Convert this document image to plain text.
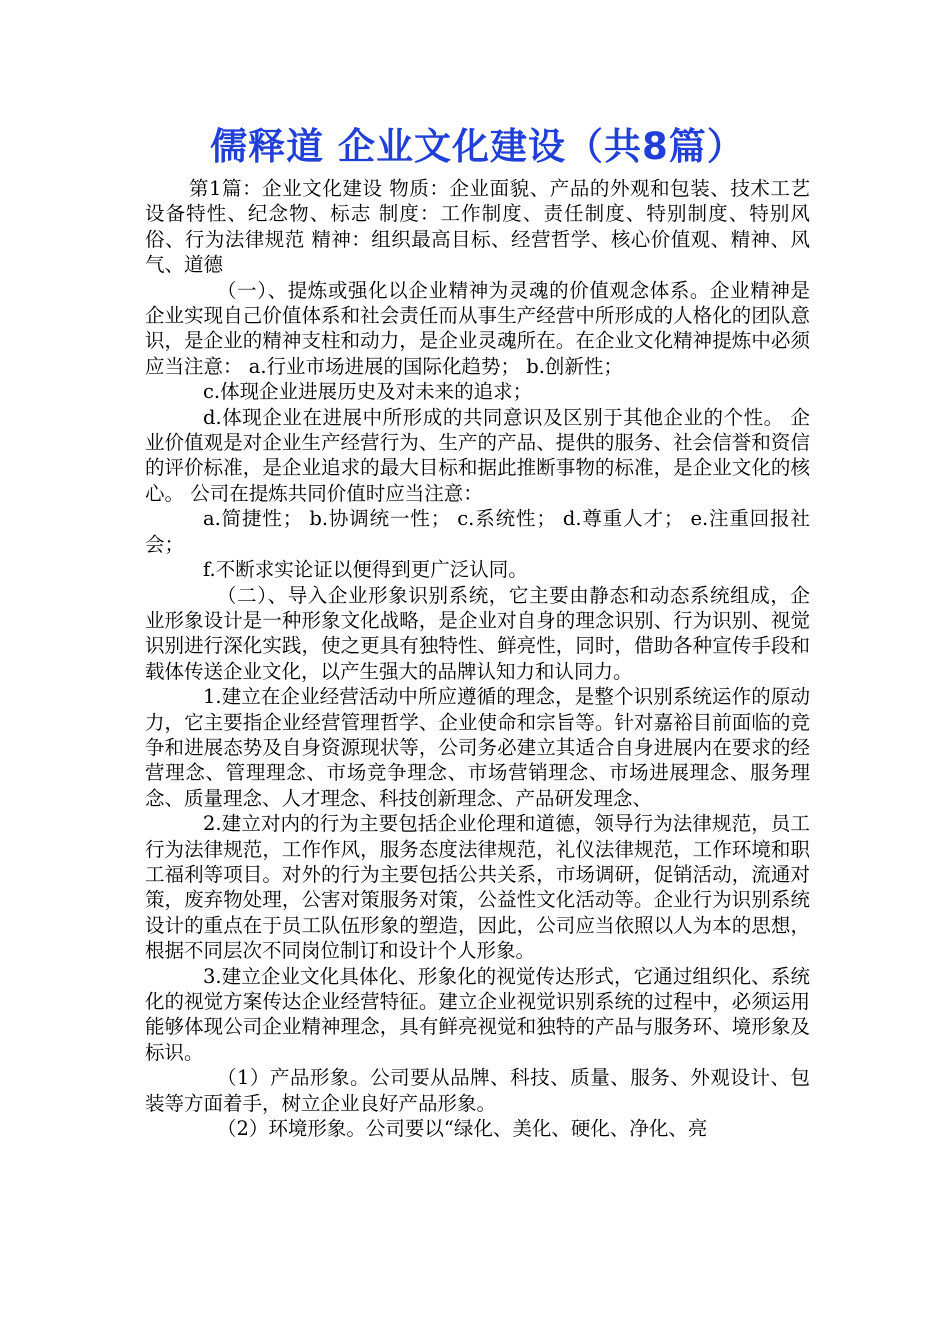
儒释道 企业文化建设（共8篇）

第1篇：企业文化建设 物质：企业面貌、产品的外观和包装、技术工艺设备特性、纪念物、标志 制度：工作制度、责任制度、特别制度、特别风俗、行为法律规范 精神：组织最高目标、经营哲学、核心价值观、精神、风气、道德

（一）、提炼或强化以企业精神为灵魂的价值观念体系。企业精神是企业实现自己价值体系和社会责任而从事生产经营中所形成的人格化的团队意识，是企业的精神支柱和动力，是企业灵魂所在。在企业文化精神提炼中必须应当注意： a.行业市场进展的国际化趋势； b.创新性；

c.体现企业进展历史及对未来的追求；

d.体现企业在进展中所形成的共同意识及区别于其他企业的个性。 企业价值观是对企业生产经营行为、生产的产品、提供的服务、社会信誉和资信的评价标准，是企业追求的最大目标和据此推断事物的标准，是企业文化的核心。 公司在提炼共同价值时应当注意：

a.简捷性； b.协调统一性； c.系统性； d.尊重人才； e.注重回报社会；

f.不断求实论证以便得到更广泛认同。

（二）、导入企业形象识别系统，它主要由静态和动态系统组成，企业形象设计是一种形象文化战略，是企业对自身的理念识别、行为识别、视觉识别进行深化实践，使之更具有独特性、鲜亮性，同时，借助各种宣传手段和载体传送企业文化，以产生强大的品牌认知力和认同力。

1.建立在企业经营活动中所应遵循的理念，是整个识别系统运作的原动力，它主要指企业经营管理哲学、企业使命和宗旨等。针对嘉裕目前面临的竞争和进展态势及自身资源现状等，公司务必建立其适合自身进展内在要求的经营理念、管理理念、市场竞争理念、市场营销理念、市场进展理念、服务理念、质量理念、人才理念、科技创新理念、产品研发理念、

2.建立对内的行为主要包括企业伦理和道德，领导行为法律规范，员工行为法律规范，工作作风，服务态度法律规范，礼仪法律规范，工作环境和职工福利等项目。对外的行为主要包括公共关系，市场调研，促销活动，流通对策，废弃物处理，公害对策服务对策，公益性文化活动等。企业行为识别系统设计的重点在于员工队伍形象的塑造，因此，公司应当依照以人为本的思想，根据不同层次不同岗位制订和设计个人形象。

3.建立企业文化具体化、形象化的视觉传达形式，它通过组织化、系统化的视觉方案传达企业经营特征。建立企业视觉识别系统的过程中，必须运用能够体现公司企业精神理念，具有鲜亮视觉和独特的产品与服务环、境形象及标识。

（1）产品形象。公司要从品牌、科技、质量、服务、外观设计、包装等方面着手，树立企业良好产品形象。

（2）环境形象。公司要以“绿化、美化、硬化、净化、亮
